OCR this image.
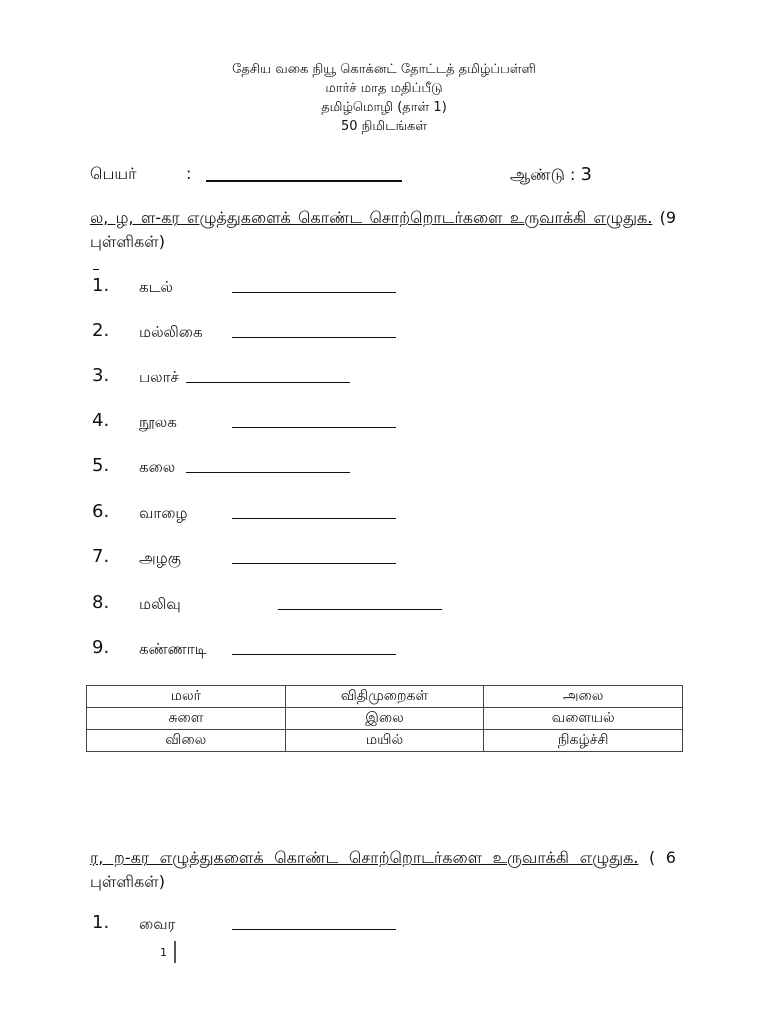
தேசிய வகை நியூ கொக்னட் தோட்டத் தமிழ்ப்பள்ளி
மார்ச் மாத மதிப்பீடு
தமிழ்மொழி (தாள் 1)
50 நிமிடங்கள்
பெயர்	:	ஆண்டு : 3
ல, ழ, ள-கர எழுத்துகளைக் கொண்ட சொற்றொடர்களை உருவாக்கி எழுதுக. (9 புள்ளிகள்)
1. கடல்
2. மல்லிகை
3. பலாச்
4. நூலக
5. கலை
6. வாழை
7. அழகு
8. மலிவு
9. கண்ணாடி
மலர்	விதிமுறைகள்	அலை
சுளை	இலை	வளையல்
விலை	மயில்	நிகழ்ச்சி
ர, ற-கர எழுத்துகளைக் கொண்ட சொற்றொடர்களை உருவாக்கி எழுதுக. ( 6 புள்ளிகள்)
1. வைர
1
